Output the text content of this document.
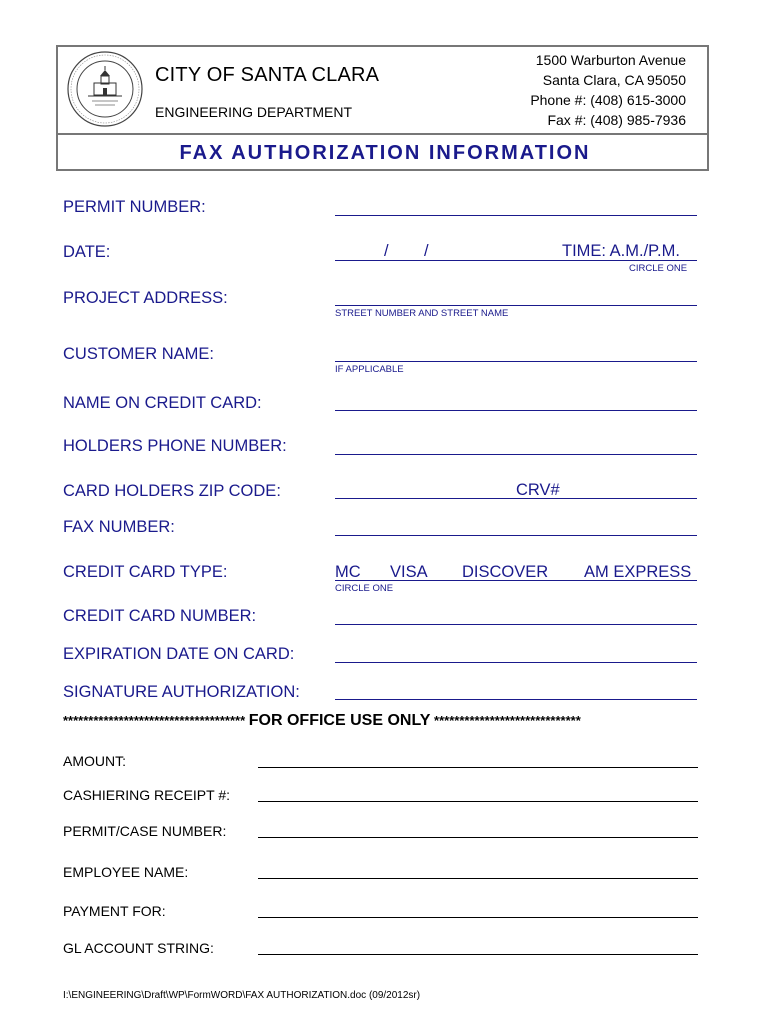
CITY OF SANTA CLARA
ENGINEERING DEPARTMENT
1500 Warburton Avenue
Santa Clara, CA 95050
Phone #: (408) 615-3000
Fax #: (408) 985-7936
FAX AUTHORIZATION INFORMATION
PERMIT NUMBER:
DATE:	/ /	TIME: A.M./P.M.
CIRCLE ONE
PROJECT ADDRESS:
STREET NUMBER AND STREET NAME
CUSTOMER NAME:
IF APPLICABLE
NAME ON CREDIT CARD:
HOLDERS PHONE NUMBER:
CARD HOLDERS ZIP CODE:	CRV#
FAX NUMBER:
CREDIT CARD TYPE:	MC VISA DISCOVER AM EXPRESS
CIRCLE ONE
CREDIT CARD NUMBER:
EXPIRATION DATE ON CARD:
SIGNATURE AUTHORIZATION:
************************************ FOR OFFICE USE ONLY *****************************
AMOUNT:
CASHIERING RECEIPT #:
PERMIT/CASE NUMBER:
EMPLOYEE NAME:
PAYMENT FOR:
GL ACCOUNT STRING:
I:\ENGINEERING\Draft\WP\FormWORD\FAX AUTHORIZATION.doc (09/2012sr)
